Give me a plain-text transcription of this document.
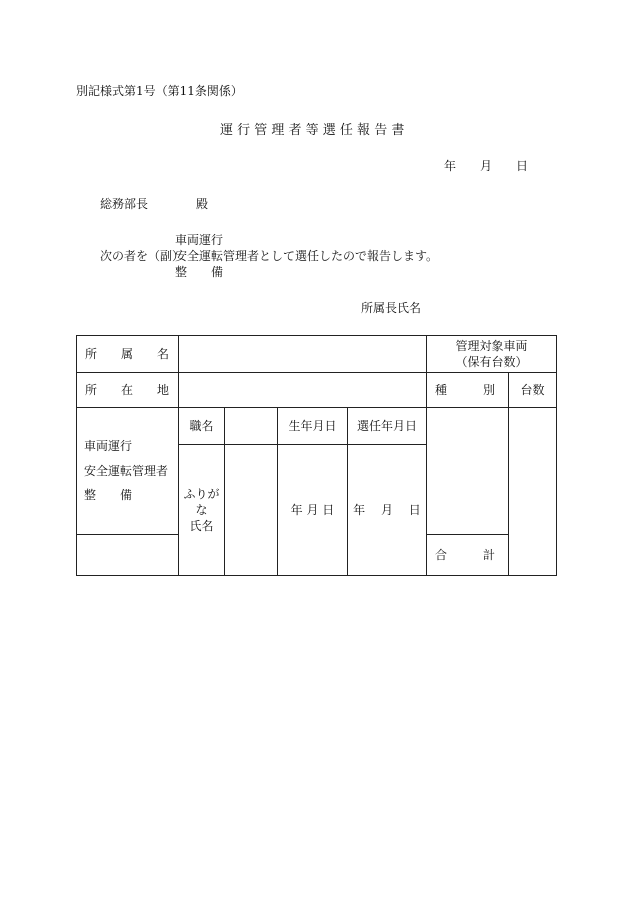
別記様式第1号（第11条関係）
運 行 管 理 者 等 選 任 報 告 書
年 月 日
総務部長	殿
車両運行
次の者を（副）
安全運転管理者として選任したので報告します。
整　　備
所属長氏名
所　　属　　名					管理対象車両
（保有台数）	

所　　在　　地					種　　　別	台数

車両運行
安全運転管理者
整　　備	職名		生年月日	選任年月日		

	ふりがな
氏名		年 月 日	年　 月　 日		
					合　　　計	
